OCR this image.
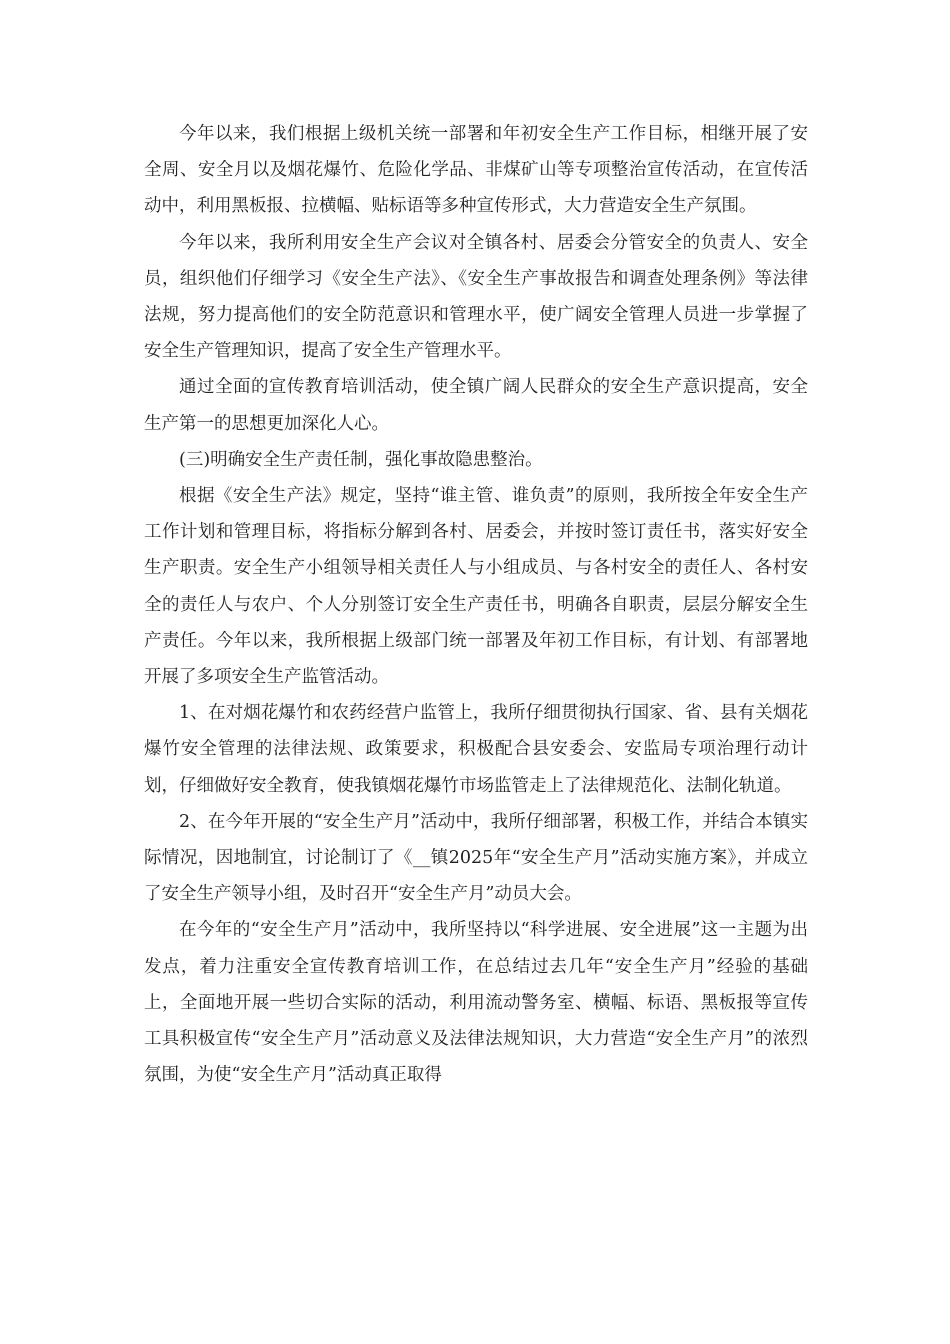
今年以来，我们根据上级机关统一部署和年初安全生产工作目标，相继开展了安全周、安全月以及烟花爆竹、危险化学品、非煤矿山等专项整治宣传活动，在宣传活动中，利用黑板报、拉横幅、贴标语等多种宣传形式，大力营造安全生产氛围。

今年以来，我所利用安全生产会议对全镇各村、居委会分管安全的负责人、安全员，组织他们仔细学习《安全生产法》、《安全生产事故报告和调查处理条例》等法律法规，努力提高他们的安全防范意识和管理水平，使广阔安全管理人员进一步掌握了安全生产管理知识，提高了安全生产管理水平。

通过全面的宣传教育培训活动，使全镇广阔人民群众的安全生产意识提高，安全生产第一的思想更加深化人心。

(三)明确安全生产责任制，强化事故隐患整治。

根据《安全生产法》规定，坚持“谁主管、谁负责”的原则，我所按全年安全生产工作计划和管理目标，将指标分解到各村、居委会，并按时签订责任书，落实好安全生产职责。安全生产小组领导相关责任人与小组成员、与各村安全的责任人、各村安全的责任人与农户、个人分别签订安全生产责任书，明确各自职责，层层分解安全生产责任。今年以来，我所根据上级部门统一部署及年初工作目标，有计划、有部署地开展了多项安全生产监管活动。

1、在对烟花爆竹和农药经营户监管上，我所仔细贯彻执行国家、省、县有关烟花爆竹安全管理的法律法规、政策要求，积极配合县安委会、安监局专项治理行动计划，仔细做好安全教育，使我镇烟花爆竹市场监管走上了法律规范化、法制化轨道。

2、在今年开展的“安全生产月”活动中，我所仔细部署，积极工作，并结合本镇实际情况，因地制宜，讨论制订了《__镇2025年“安全生产月”活动实施方案》，并成立了安全生产领导小组，及时召开“安全生产月”动员大会。

在今年的“安全生产月”活动中，我所坚持以“科学进展、安全进展”这一主题为出发点，着力注重安全宣传教育培训工作，在总结过去几年“安全生产月”经验的基础上，全面地开展一些切合实际的活动，利用流动警务室、横幅、标语、黑板报等宣传工具积极宣传“安全生产月”活动意义及法律法规知识，大力营造“安全生产月”的浓烈氛围，为使“安全生产月”活动真正取得
